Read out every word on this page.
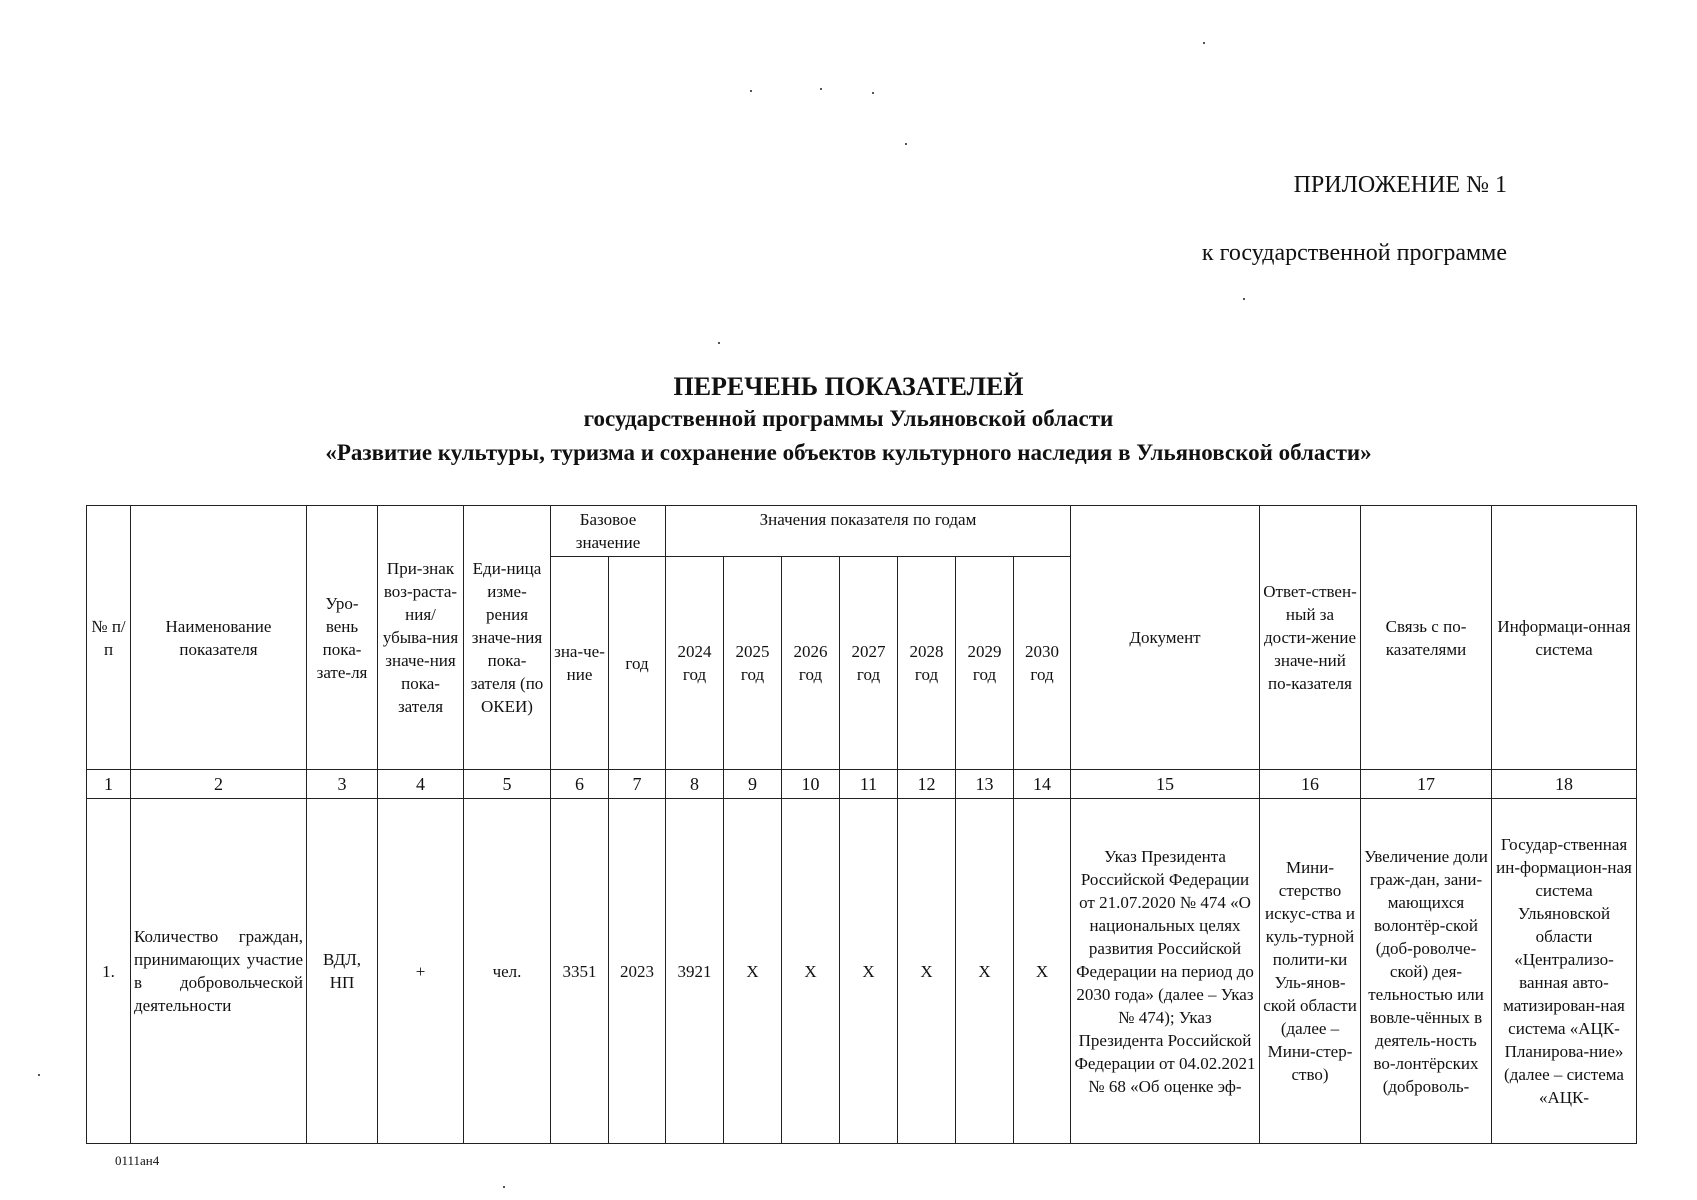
ПРИЛОЖЕНИЕ № 1
к государственной программе
ПЕРЕЧЕНЬ ПОКАЗАТЕЛЕЙ
государственной программы Ульяновской области
«Развитие культуры, туризма и сохранение объектов культурного наследия в Ульяновской области»
№ п/п	Наименование показателя	Уро-вень пока-зате-ля	При-знак воз-раста-ния/ убыва-ния значе-ния пока-зателя	Еди-ница изме-рения значе-ния пока-зателя (по ОКЕИ)	Базовое значение		Значения показателя по годам							Документ	Ответ-ствен-ный за дости-жение значе-ний по-казателя	Связь с по-казателями	Информаци-онная система
					зна-че-ние	год	2024 год	2025 год	2026 год	2027 год	2028 год	2029 год	2030 год				
1	2	3	4	5	6	7	8	9	10	11	12	13	14	15	16	17	18
1.	Количество граждан, принимающих участие в добровольческой деятельности	ВДЛ, НП	+	чел.	3351	2023	3921	X	X	X	X	X	X	Указ Президента Российской Федерации от 21.07.2020 № 474 «О национальных целях развития Российской Федерации на период до 2030 года» (далее – Указ № 474); Указ Президента Российской Федерации от 04.02.2021 № 68 «Об оценке эф-	Мини-стерство искус-ства и куль-турной полити-ки Уль-янов-ской области (далее – Мини-стер-ство)	Увеличение доли граж-дан, зани-мающихся волонтёр-ской (доб-роволче-ской) дея-тельностью или вовле-чённых в деятель-ность во-лонтёрских (доброволь-	Государ-ственная ин-формацион-ная система Ульяновской области «Централизо-ванная авто-матизирован-ная система «АЦК-Планирова-ние» (далее – система «АЦК-
0111ан4
